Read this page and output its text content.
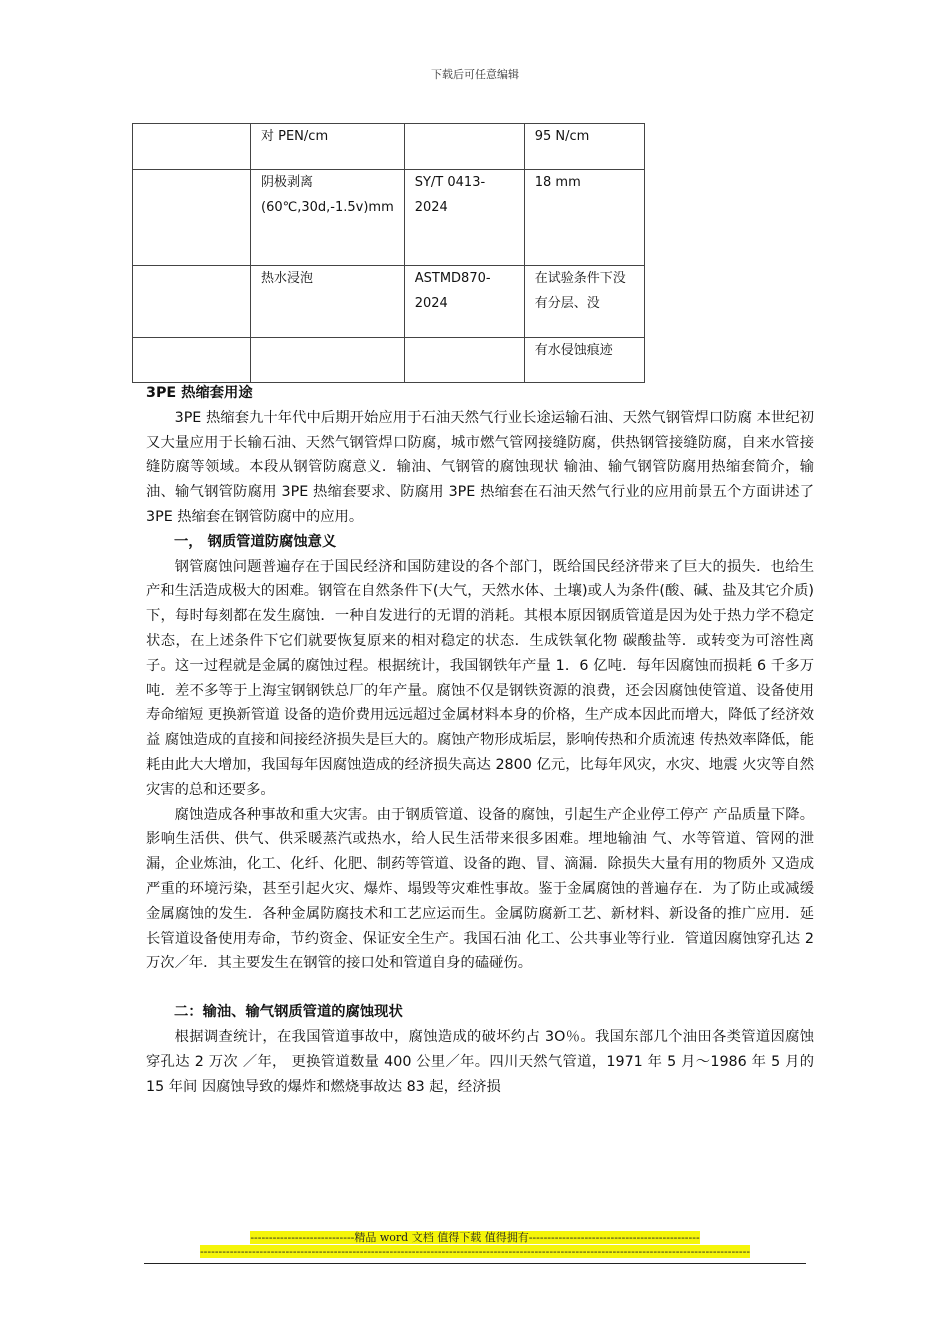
下载后可任意编辑
	对 PEN/cm		95 N/cm
	阴极剥离 (60℃,30d,-1.5v)mm	SY/T 0413-2024	18 mm
	热水浸泡	ASTMD870-2024	在试验条件下没有分层、没
			有水侵蚀痕迹
3PE 热缩套用途

3PE 热缩套九十年代中后期开始应用于石油天然气行业长途运输石油、天然气钢管焊口防腐 本世纪初又大量应用于长输石油、天然气钢管焊口防腐，城市燃气管网接缝防腐，供热钢管接缝防腐，自来水管接缝防腐等领域。本段从钢管防腐意义．输油、气钢管的腐蚀现状 输油、输气钢管防腐用热缩套简介，输油、输气钢管防腐用 3PE 热缩套要求、防腐用 3PE 热缩套在石油天然气行业的应用前景五个方面讲述了 3PE 热缩套在钢管防腐中的应用。

一， 钢质管道防腐蚀意义

钢管腐蚀问题普遍存在于国民经济和国防建设的各个部门，既给国民经济带来了巨大的损失．也给生产和生活造成极大的困难。钢管在自然条件下(大气，天然水体、土壤)或人为条件(酸、碱、盐及其它介质)下，每时每刻都在发生腐蚀．一种自发进行的无谓的消耗。其根本原因钢质管道是因为处于热力学不稳定状态，在上述条件下它们就要恢复原来的相对稳定的状态．生成铁氧化物 碳酸盐等．或转变为可溶性离子。这一过程就是金属的腐蚀过程。根据统计，我国钢铁年产量 1．6 亿吨．每年因腐蚀而损耗 6 千多万吨．差不多等于上海宝钢钢铁总厂的年产量。腐蚀不仅是钢铁资源的浪费，还会因腐蚀使管道、设备使用寿命缩短 更换新管道 设备的造价费用远远超过金属材料本身的价格，生产成本因此而增大，降低了经济效益 腐蚀造成的直接和间接经济损失是巨大的。腐蚀产物形成垢层，影响传热和介质流速 传热效率降低，能耗由此大大增加，我国每年因腐蚀造成的经济损失高达 2800 亿元，比每年风灾，水灾、地震 火灾等自然灾害的总和还要多。

腐蚀造成各种事故和重大灾害。由于钢质管道、设备的腐蚀，引起生产企业停工停产 产品质量下降。影响生活供、供气、供采暖蒸汽或热水，给人民生活带来很多困难。埋地输油 气、水等管道、管网的泄漏，企业炼油，化工、化纤、化肥、制药等管道、设备的跑、冒、滴漏．除损失大量有用的物质外 又造成严重的环境污染，甚至引起火灾、爆炸、塌毁等灾难性事故。鉴于金属腐蚀的普遍存在．为了防止或减缓金属腐蚀的发生．各种金属防腐技术和工艺应运而生。金属防腐新工艺、新材料、新设备的推广应用．延长管道设备使用寿命，节约资金、保证安全生产。我国石油 化工、公共事业等行业．管道因腐蚀穿孔达 2 万次／年．其主要发生在钢管的接口处和管道自身的磕碰伤。

二：输油、输气钢质管道的腐蚀现状

根据调查统计，在我国管道事故中，腐蚀造成的破坏约占 3O％。我国东部几个油田各类管道因腐蚀穿孔达 2 万次 ／年， 更换管道数量 400 公里／年。四川天然气管道，1971 年 5 月～1986 年 5 月的 15 年间 因腐蚀导致的爆炸和燃烧事故达 83 起，经济损

----------------------------精品 word 文档 值得下载 值得拥有----------------------------------------------
----------------------------------------------------------------------------------------------------------------------------------------------------
